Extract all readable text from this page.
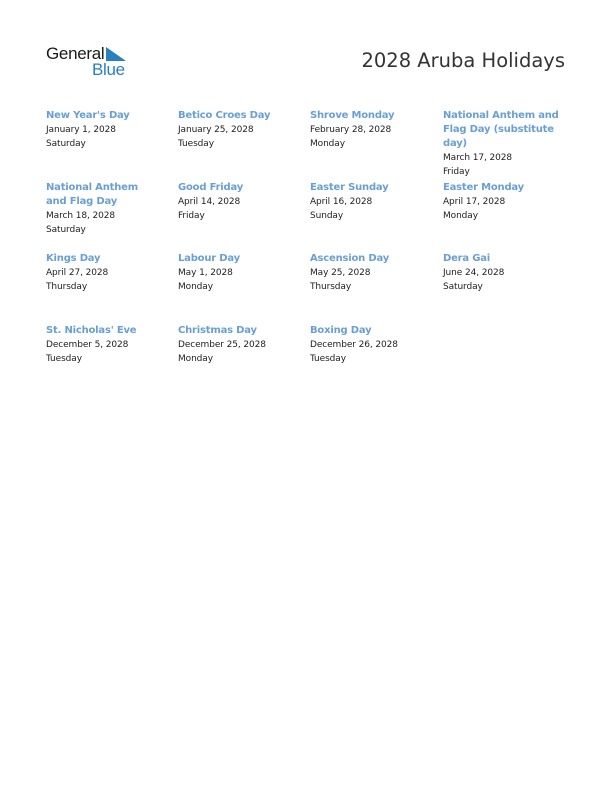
General
Blue	2028 Aruba Holidays
New Year's Day
January 1, 2028
Saturday
Betico Croes Day
January 25, 2028
Tuesday
Shrove Monday
February 28, 2028
Monday
National Anthem and Flag Day (substitute day)
March 17, 2028
Friday
National Anthem and Flag Day
March 18, 2028
Saturday
Good Friday
April 14, 2028
Friday
Easter Sunday
April 16, 2028
Sunday
Easter Monday
April 17, 2028
Monday
Kings Day
April 27, 2028
Thursday
Labour Day
May 1, 2028
Monday
Ascension Day
May 25, 2028
Thursday
Dera Gai
June 24, 2028
Saturday
St. Nicholas' Eve
December 5, 2028
Tuesday
Christmas Day
December 25, 2028
Monday
Boxing Day
December 26, 2028
Tuesday
